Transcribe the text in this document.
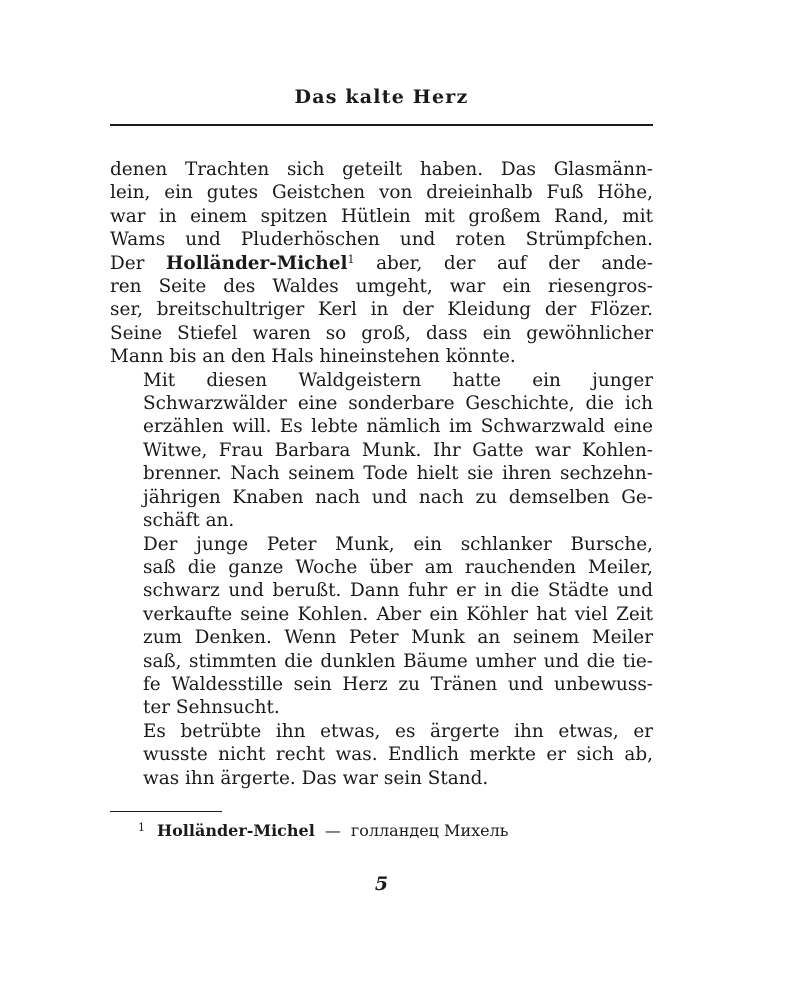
Das kalte Herz

denen Trachten sich geteilt haben. Das Glasmänn-
lein, ein gutes Geistchen von dreieinhalb Fuß Höhe,
war in einem spitzen Hütlein mit großem Rand, mit
Wams und Pluderhöschen und roten Strümpfchen.
Der Holländer-Michel$^1$ aber, der auf der ande-
ren Seite des Waldes umgeht, war ein riesengros-
ser, breitschultriger Kerl in der Kleidung der Flözer.
Seine Stiefel waren so groß, dass ein gewöhnlicher
Mann bis an den Hals hineinstehen könnte.

Mit diesen Waldgeistern hatte ein junger
Schwarzwälder eine sonderbare Geschichte, die ich
erzählen will. Es lebte nämlich im Schwarzwald eine
Witwe, Frau Barbara Munk. Ihr Gatte war Kohlen-
brenner. Nach seinem Tode hielt sie ihren sechzehn-
jährigen Knaben nach und nach zu demselben Ge-
schäft an.

Der junge Peter Munk, ein schlanker Bursche,
saß die ganze Woche über am rauchenden Meiler,
schwarz und berußt. Dann fuhr er in die Städte und
verkaufte seine Kohlen. Aber ein Köhler hat viel Zeit
zum Denken. Wenn Peter Munk an seinem Meiler
saß, stimmten die dunklen Bäume umher und die tie-
fe Waldesstille sein Herz zu Tränen und unbewuss-
ter Sehnsucht.

Es betrübte ihn etwas, es ärgerte ihn etwas, er
wusste nicht recht was. Endlich merkte er sich ab,
was ihn ärgerte. Das war sein Stand.

$^1$ Holländer-Michel — голландец Михель
5
